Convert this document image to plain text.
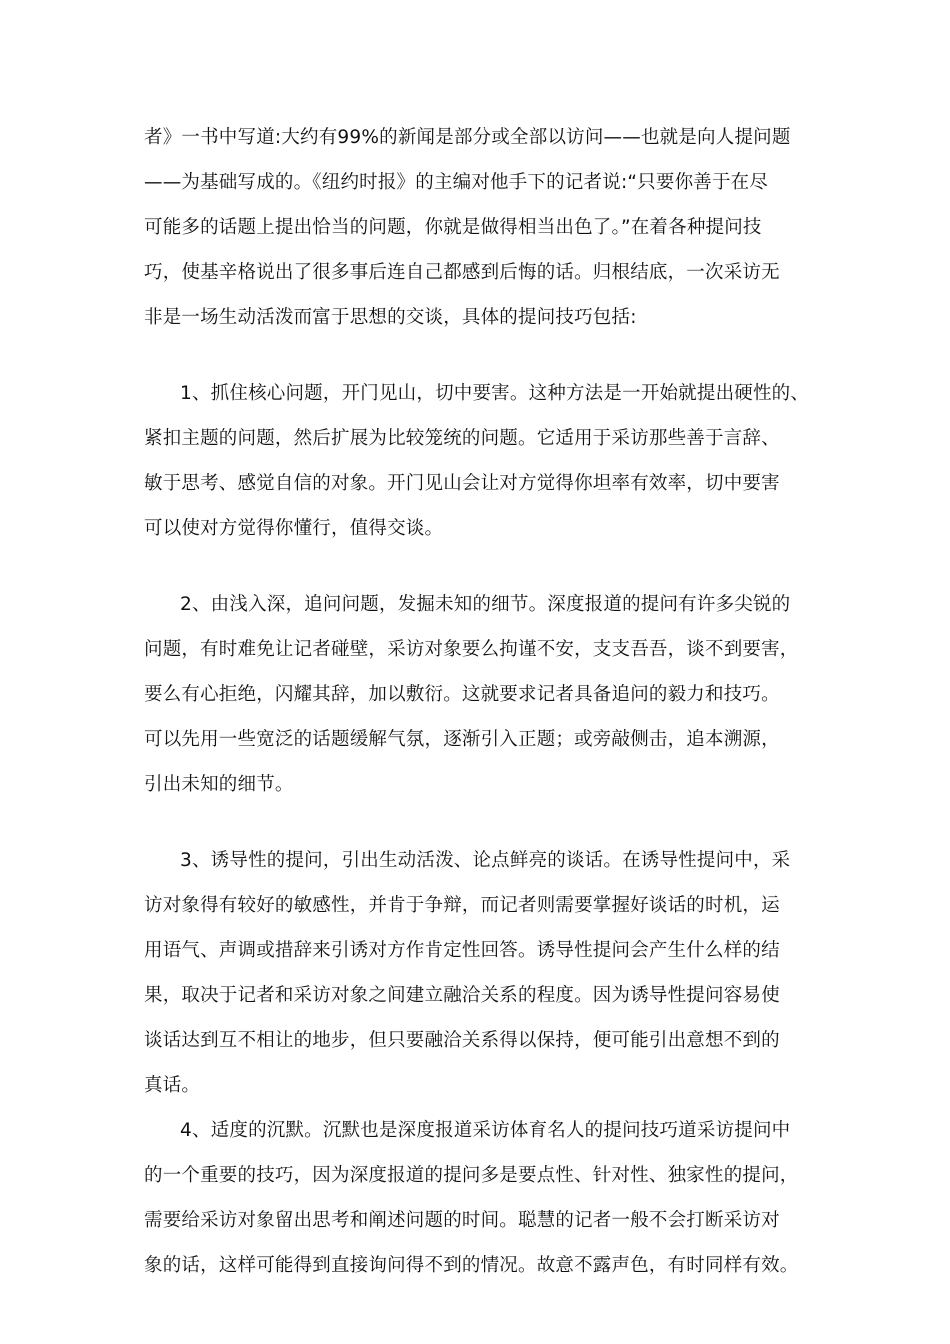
者》一书中写道:大约有99%的新闻是部分或全部以访问——也就是向人提问题
——为基础写成的。《纽约时报》的主编对他手下的记者说:“只要你善于在尽
可能多的话题上提出恰当的问题，你就是做得相当出色了。”在着各种提问技
巧，使基辛格说出了很多事后连自己都感到后悔的话。归根结底，一次采访无
非是一场生动活泼而富于思想的交谈，具体的提问技巧包括:
1、抓住核心问题，开门见山，切中要害。这种方法是一开始就提出硬性的、
紧扣主题的问题，然后扩展为比较笼统的问题。它适用于采访那些善于言辞、
敏于思考、感觉自信的对象。开门见山会让对方觉得你坦率有效率，切中要害
可以使对方觉得你懂行，值得交谈。
2、由浅入深，追问问题，发掘未知的细节。深度报道的提问有许多尖锐的
问题，有时难免让记者碰壁，采访对象要么拘谨不安，支支吾吾，谈不到要害，
要么有心拒绝，闪耀其辞，加以敷衍。这就要求记者具备追问的毅力和技巧。
可以先用一些宽泛的话题缓解气氛，逐渐引入正题；或旁敲侧击，追本溯源，
引出未知的细节。
3、诱导性的提问，引出生动活泼、论点鲜亮的谈话。在诱导性提问中，采
访对象得有较好的敏感性，并肯于争辩，而记者则需要掌握好谈话的时机，运
用语气、声调或措辞来引诱对方作肯定性回答。诱导性提问会产生什么样的结
果，取决于记者和采访对象之间建立融洽关系的程度。因为诱导性提问容易使
谈话达到互不相让的地步，但只要融洽关系得以保持，便可能引出意想不到的
真话。
4、适度的沉默。沉默也是深度报道采访体育名人的提问技巧道采访提问中
的一个重要的技巧，因为深度报道的提问多是要点性、针对性、独家性的提问，
需要给采访对象留出思考和阐述问题的时间。聪慧的记者一般不会打断采访对
象的话，这样可能得到直接询问得不到的情况。故意不露声色，有时同样有效。
